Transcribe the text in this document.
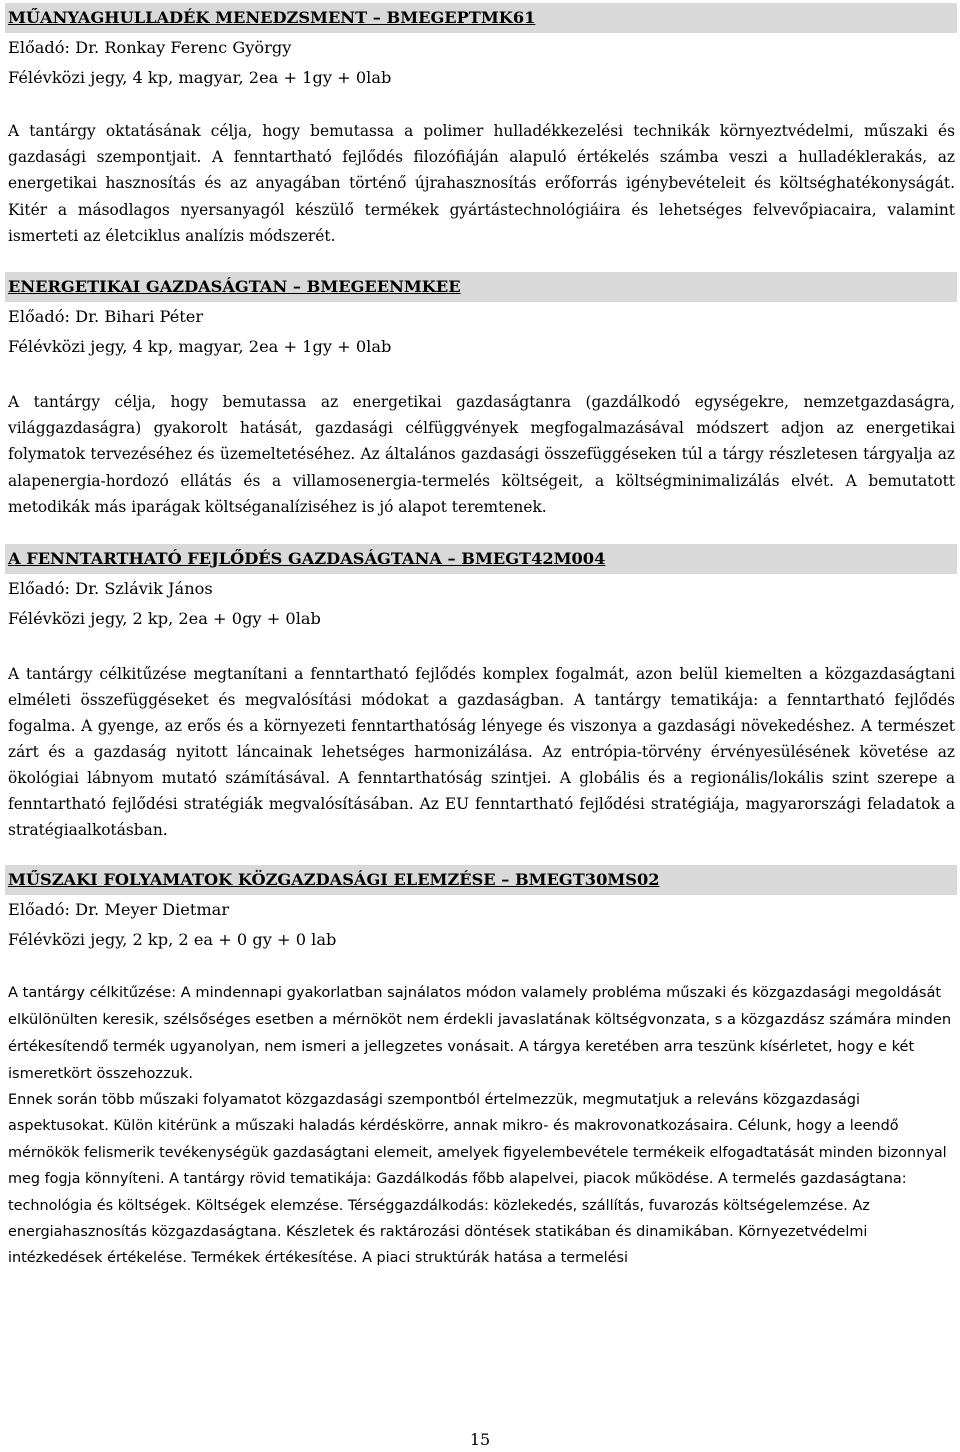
MŰANYAGHULLADÉK MENEDZSMENT – BMEGEPTMK61
Előadó: Dr. Ronkay Ferenc György
Félévközi jegy, 4 kp, magyar, 2ea + 1gy + 0lab

A tantárgy oktatásának célja, hogy bemutassa a polimer hulladékkezelési technikák környeztvédelmi, műszaki és gazdasági szempontjait. A fenntartható fejlődés filozófiáján alapuló értékelés számba veszi a hulladéklerakás, az energetikai hasznosítás és az anyagában történő újrahasznosítás erőforrás igénybevételeit és költséghatékonyságát. Kitér a másodlagos nyersanyagól készülő termékek gyártástechnológiáira és lehetséges felvevőpiacaira, valamint ismerteti az életciklus analízis módszerét.

ENERGETIKAI GAZDASÁGTAN – BMEGEENMKEE
Előadó: Dr. Bihari Péter
Félévközi jegy, 4 kp, magyar, 2ea + 1gy + 0lab

A tantárgy célja, hogy bemutassa az energetikai gazdaságtanra (gazdálkodó egységekre, nemzetgazdaságra, világgazdaságra) gyakorolt hatását, gazdasági célfüggvények megfogalmazásával módszert adjon az energetikai folymatok tervezéséhez és üzemeltetéséhez. Az általános gazdasági összefüggéseken túl a tárgy részletesen tárgyalja az alapenergia-hordozó ellátás és a villamosenergia-termelés költségeit, a költségminimalizálás elvét. A bemutatott metodikák más iparágak költséganalíziséhez is jó alapot teremtenek.

A FENNTARTHATÓ FEJLŐDÉS GAZDASÁGTANA – BMEGT42M004
Előadó: Dr. Szlávik János
Félévközi jegy, 2 kp, 2ea + 0gy + 0lab

A tantárgy célkitűzése megtanítani a fenntartható fejlődés komplex fogalmát, azon belül kiemelten a közgazdaságtani elméleti összefüggéseket és megvalósítási módokat a gazdaságban. A tantárgy tematikája: a fenntartható fejlődés fogalma. A gyenge, az erős és a környezeti fenntarthatóság lényege és viszonya a gazdasági növekedéshez. A természet zárt és a gazdaság nyitott láncainak lehetséges harmonizálása. Az entrópia-törvény érvényesülésének követése az ökológiai lábnyom mutató számításával. A fenntarthatóság szintjei. A globális és a regionális/lokális szint szerepe a fenntartható fejlődési stratégiák megvalósításában. Az EU fenntartható fejlődési stratégiája, magyarországi feladatok a stratégiaalkotásban.

MŰSZAKI FOLYAMATOK KÖZGAZDASÁGI ELEMZÉSE – BMEGT30MS02
Előadó: Dr. Meyer Dietmar
Félévközi jegy, 2 kp, 2 ea + 0 gy + 0 lab

A tantárgy célkitűzése: A mindennapi gyakorlatban sajnálatos módon valamely probléma műszaki és közgazdasági megoldását elkülönülten keresik, szélsőséges esetben a mérnököt nem érdekli javaslatának költségvonzata, s a közgazdász számára minden értékesítendő termék ugyanolyan, nem ismeri a jellegzetes vonásait. A tárgya keretében arra teszünk kísérletet, hogy e két ismeretkört összehozzuk.

Ennek során több műszaki folyamatot közgazdasági szempontból értelmezzük, megmutatjuk a releváns közgazdasági aspektusokat. Külön kitérünk a műszaki haladás kérdéskörre, annak mikro- és makrovonatkozásaira. Célunk, hogy a leendő mérnökök felismerik tevékenységük gazdaságtani elemeit, amelyek figyelembevétele termékeik elfogadtatását minden bizonnyal meg fogja könnyíteni. A tantárgy rövid tematikája: Gazdálkodás főbb alapelvei, piacok működése. A termelés gazdaságtana: technológia és költségek. Költségek elemzése. Térséggazdálkodás: közlekedés, szállítás, fuvarozás költségelemzése. Az energiahasznosítás közgazdaságtana. Készletek és raktározási döntések statikában és dinamikában. Környezetvédelmi intézkedések értékelése. Termékek értékesítése. A piaci struktúrák hatása a termelési

15
